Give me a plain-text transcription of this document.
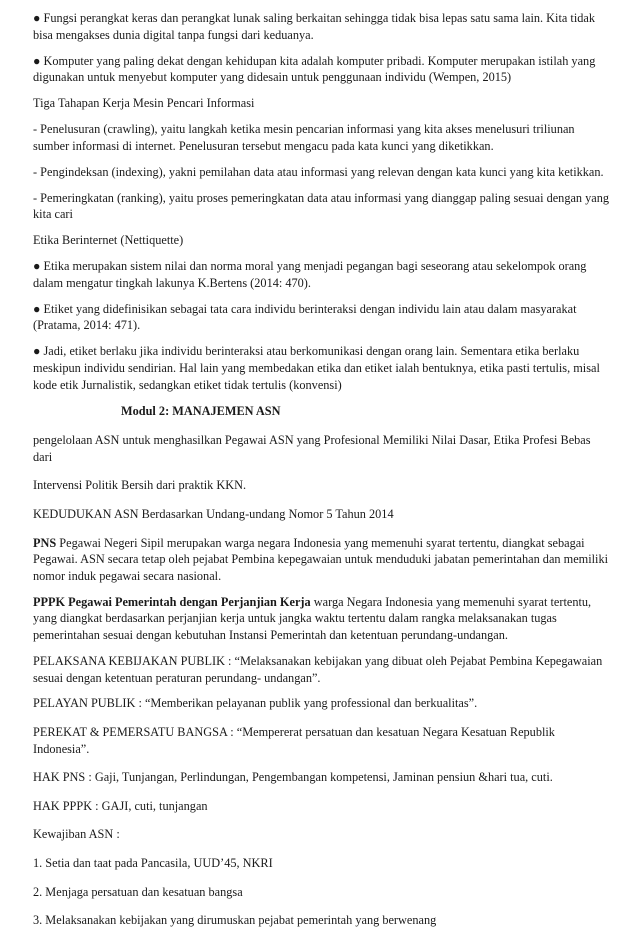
● Fungsi perangkat keras dan perangkat lunak saling berkaitan sehingga tidak bisa lepas satu sama lain. Kita tidak bisa mengakses dunia digital tanpa fungsi dari keduanya.

● Komputer yang paling dekat dengan kehidupan kita adalah komputer pribadi. Komputer merupakan istilah yang digunakan untuk menyebut komputer yang didesain untuk penggunaan individu (Wempen, 2015)

Tiga Tahapan Kerja Mesin Pencari Informasi

- Penelusuran (crawling), yaitu langkah ketika mesin pencarian informasi yang kita akses menelusuri triliunan sumber informasi di internet. Penelusuran tersebut mengacu pada kata kunci yang diketikkan.

- Pengindeksan (indexing), yakni pemilahan data atau informasi yang relevan dengan kata kunci yang kita ketikkan.

- Pemeringkatan (ranking), yaitu proses pemeringkatan data atau informasi yang dianggap paling sesuai dengan yang kita cari

Etika Berinternet (Nettiquette)

● Etika merupakan sistem nilai dan norma moral yang menjadi pegangan bagi seseorang atau sekelompok orang dalam mengatur tingkah lakunya K.Bertens (2014: 470).

● Etiket yang didefinisikan sebagai tata cara individu berinteraksi dengan individu lain atau dalam masyarakat (Pratama, 2014: 471).

● Jadi, etiket berlaku jika individu berinteraksi atau berkomunikasi dengan orang lain. Sementara etika berlaku meskipun individu sendirian. Hal lain yang membedakan etika dan etiket ialah bentuknya, etika pasti tertulis, misal kode etik Jurnalistik, sedangkan etiket tidak tertulis (konvensi)

Modul 2: MANAJEMEN ASN

pengelolaan ASN untuk menghasilkan Pegawai ASN yang Profesional Memiliki Nilai Dasar, Etika Profesi Bebas dari

Intervensi Politik Bersih dari praktik KKN.

KEDUDUKAN ASN Berdasarkan Undang-undang Nomor 5 Tahun 2014

PNS Pegawai Negeri Sipil merupakan warga negara Indonesia yang memenuhi syarat tertentu, diangkat sebagai Pegawai. ASN secara tetap oleh pejabat Pembina kepegawaian untuk menduduki jabatan pemerintahan dan memiliki nomor induk pegawai secara nasional.

PPPK Pegawai Pemerintah dengan Perjanjian Kerja warga Negara Indonesia yang memenuhi syarat tertentu, yang diangkat berdasarkan perjanjian kerja untuk jangka waktu tertentu dalam rangka melaksanakan tugas pemerintahan sesuai dengan kebutuhan Instansi Pemerintah dan ketentuan perundang-undangan.

PELAKSANA KEBIJAKAN PUBLIK : “Melaksanakan kebijakan yang dibuat oleh Pejabat Pembina Kepegawaian sesuai dengan ketentuan peraturan perundang- undangan”.

PELAYAN PUBLIK : “Memberikan pelayanan publik yang professional dan berkualitas”.

PEREKAT & PEMERSATU BANGSA : “Mempererat persatuan dan kesatuan Negara Kesatuan Republik Indonesia”.

HAK PNS : Gaji, Tunjangan, Perlindungan, Pengembangan kompetensi, Jaminan pensiun &hari tua, cuti.

HAK PPPK : GAJI, cuti, tunjangan

Kewajiban ASN :

1. Setia dan taat pada Pancasila, UUD’45, NKRI

2. Menjaga persatuan dan kesatuan bangsa

3. Melaksanakan kebijakan yang dirumuskan pejabat pemerintah yang berwenang
